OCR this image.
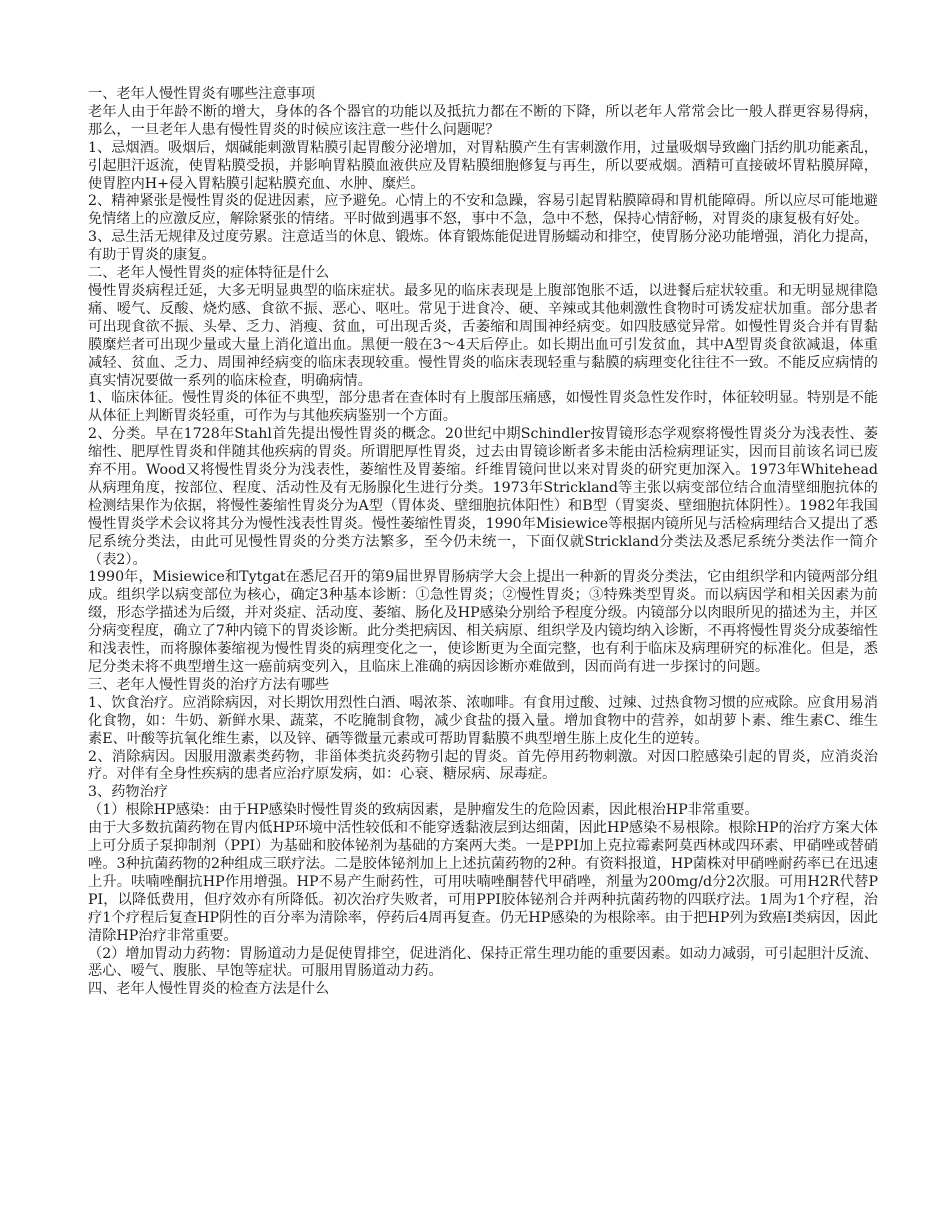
一、老年人慢性胃炎有哪些注意事项

老年人由于年龄不断的增大，身体的各个器官的功能以及抵抗力都在不断的下降，所以老年人常常会比一般人群更容易得病，那么，一旦老年人患有慢性胃炎的时候应该注意一些什么问题呢？

1、忌烟酒。吸烟后，烟碱能刺激胃粘膜引起胃酸分泌增加，对胃粘膜产生有害刺激作用，过量吸烟导致幽门括约肌功能紊乱，引起胆汗返流，使胃粘膜受损，并影响胃粘膜血液供应及胃粘膜细胞修复与再生，所以要戒烟。酒精可直接破坏胃粘膜屏障，使胃腔内H+侵入胃粘膜引起粘膜充血、水肿、糜烂。

2、精神紧张是慢性胃炎的促进因素，应予避免。心情上的不安和急躁，容易引起胃粘膜障碍和胃机能障碍。所以应尽可能地避免情绪上的应激反应，解除紧张的情绪。平时做到遇事不怒，事中不急，急中不愁，保持心情舒畅，对胃炎的康复极有好处。

3、忌生活无规律及过度劳累。注意适当的休息、锻炼。体育锻炼能促进胃肠蠕动和排空，使胃肠分泌功能增强，消化力提高，有助于胃炎的康复。

二、老年人慢性胃炎的症体特征是什么

慢性胃炎病程迁延，大多无明显典型的临床症状。最多见的临床表现是上腹部饱胀不适，以进餐后症状较重。和无明显规律隐痛、嗳气、反酸、烧灼感、食欲不振、恶心、呕吐。常见于进食冷、硬、辛辣或其他刺激性食物时可诱发症状加重。部分患者可出现食欲不振、头晕、乏力、消瘦、贫血，可出现舌炎，舌萎缩和周围神经病变。如四肢感觉异常。如慢性胃炎合并有胃黏膜糜烂者可出现少量或大量上消化道出血。黑便一般在3～4天后停止。如长期出血可引发贫血，其中A型胃炎食欲减退，体重减轻、贫血、乏力、周围神经病变的临床表现较重。慢性胃炎的临床表现轻重与黏膜的病理变化往往不一致。不能反应病情的真实情况要做一系列的临床检查，明确病情。

1、临床体征。慢性胃炎的体征不典型，部分患者在查体时有上腹部压痛感，如慢性胃炎急性发作时，体征较明显。特别是不能从体征上判断胃炎轻重，可作为与其他疾病鉴别一个方面。

2、分类。早在1728年Stahl首先提出慢性胃炎的概念。20世纪中期Schindler按胃镜形态学观察将慢性胃炎分为浅表性、萎缩性、肥厚性胃炎和伴随其他疾病的胃炎。所谓肥厚性胃炎，过去由胃镜诊断者多未能由活检病理证实，因而目前该名词已废弃不用。Wood又将慢性胃炎分为浅表性，萎缩性及胃萎缩。纤维胃镜问世以来对胃炎的研究更加深入。1973年Whitehead从病理角度，按部位、程度、活动性及有无肠腺化生进行分类。1973年Strickland等主张以病变部位结合血清壁细胞抗体的检测结果作为依据，将慢性萎缩性胃炎分为A型（胃体炎、壁细胞抗体阳性）和B型（胃窦炎、壁细胞抗体阴性）。1982年我国慢性胃炎学术会议将其分为慢性浅表性胃炎。慢性萎缩性胃炎，1990年Misiewice等根据内镜所见与活检病理结合又提出了悉尼系统分类法，由此可见慢性胃炎的分类方法繁多，至今仍未统一，下面仅就Strickland分类法及悉尼系统分类法作一简介（表2）。

1990年，Misiewice和Tytgat在悉尼召开的第9届世界胃肠病学大会上提出一种新的胃炎分类法，它由组织学和内镜两部分组成。组织学以病变部位为核心，确定3种基本诊断：①急性胃炎；②慢性胃炎；③特殊类型胃炎。而以病因学和相关因素为前缀，形态学描述为后缀，并对炎症、活动度、萎缩、肠化及HP感染分别给予程度分级。内镜部分以肉眼所见的描述为主，并区分病变程度，确立了7种内镜下的胃炎诊断。此分类把病因、相关病原、组织学及内镜均纳入诊断，不再将慢性胃炎分成萎缩性和浅表性，而将腺体萎缩视为慢性胃炎的病理变化之一，使诊断更为全面完整，也有利于临床及病理研究的标准化。但是，悉尼分类未将不典型增生这一癌前病变列入，且临床上准确的病因诊断亦难做到，因而尚有进一步探讨的问题。

三、老年人慢性胃炎的治疗方法有哪些

1、饮食治疗。应消除病因，对长期饮用烈性白酒、喝浓茶、浓咖啡。有食用过酸、过辣、过热食物习惯的应戒除。应食用易消化食物，如：牛奶、新鲜水果、蔬菜，不吃腌制食物，减少食盐的摄入量。增加食物中的营养，如胡萝卜素、维生素C、维生素E、叶酸等抗氧化维生素，以及锌、硒等微量元素或可帮助胃黏膜不典型增生胨上皮化生的逆转。

2、消除病因。因服用激素类药物，非甾体类抗炎药物引起的胃炎。首先停用药物刺激。对因口腔感染引起的胃炎，应消炎治疗。对伴有全身性疾病的患者应治疗原发病，如：心衰、糖尿病、尿毒症。

3、药物治疗

（1）根除HP感染：由于HP感染时慢性胃炎的致病因素，是肿瘤发生的危险因素，因此根治HP非常重要。

由于大多数抗菌药物在胃内低HP环境中活性较低和不能穿透黏液层到达细菌，因此HP感染不易根除。根除HP的治疗方案大体上可分质子泵抑制剂（PPI）为基础和胶体铋剂为基础的方案两大类。一是PPI加上克拉霉素阿莫西林或四环素、甲硝唑或替硝唑。3种抗菌药物的2种组成三联疗法。二是胶体铋剂加上上述抗菌药物的2种。有资料报道，HP菌株对甲硝唑耐药率已在迅速上升。呋喃唑酮抗HP作用增强。HP不易产生耐药性，可用呋喃唑酮替代甲硝唑，剂量为200mg/d分2次服。可用H2R代替PPI，以降低费用，但疗效亦有所降低。初次治疗失败者，可用PPI胶体铋剂合并两种抗菌药物的四联疗法。1周为1个疗程，治疗1个疗程后复查HP阴性的百分率为清除率，停药后4周再复查。仍无HP感染的为根除率。由于把HP列为致癌Ⅰ类病因，因此清除HP治疗非常重要。

（2）增加胃动力药物：胃肠道动力是促使胃排空，促进消化、保持正常生理功能的重要因素。如动力减弱，可引起胆汁反流、恶心、嗳气、腹胀、早饱等症状。可服用胃肠道动力药。

四、老年人慢性胃炎的检查方法是什么
